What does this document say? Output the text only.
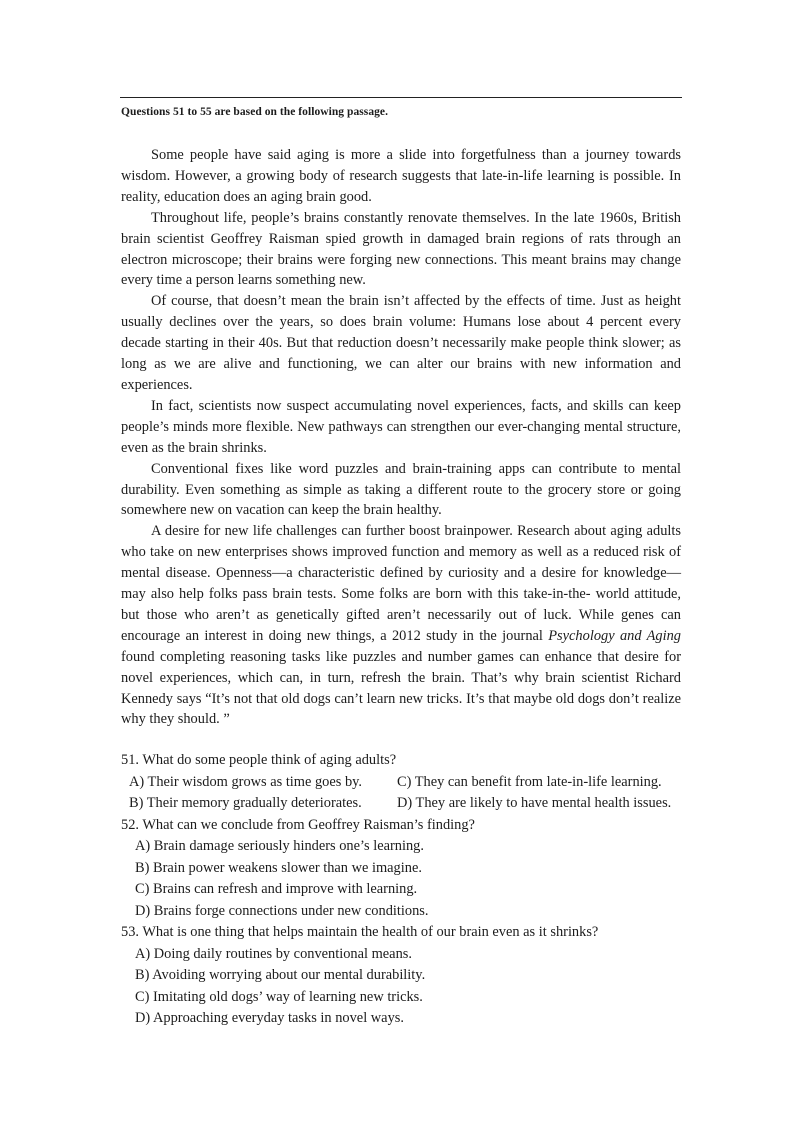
Questions 51 to 55 are based on the following passage.

Some people have said aging is more a slide into forgetfulness than a journey towards wisdom. However, a growing body of research suggests that late-in-life learning is possible. In reality, education does an aging brain good.

Throughout life, people’s brains constantly renovate themselves. In the late 1960s, British brain scientist Geoffrey Raisman spied growth in damaged brain regions of rats through an electron microscope; their brains were forging new connections. This meant brains may change every time a person learns something new.

Of course, that doesn’t mean the brain isn’t affected by the effects of time. Just as height usually declines over the years, so does brain volume: Humans lose about 4 percent every decade starting in their 40s. But that reduction doesn’t necessarily make people think slower; as long as we are alive and functioning, we can alter our brains with new information and experiences.

In fact, scientists now suspect accumulating novel experiences, facts, and skills can keep people’s minds more flexible. New pathways can strengthen our ever-changing mental structure, even as the brain shrinks.

Conventional fixes like word puzzles and brain-training apps can contribute to mental durability. Even something as simple as taking a different route to the grocery store or going somewhere new on vacation can keep the brain healthy.

A desire for new life challenges can further boost brainpower. Research about aging adults who take on new enterprises shows improved function and memory as well as a reduced risk of mental disease. Openness—a characteristic defined by curiosity and a desire for knowledge—may also help folks pass brain tests. Some folks are born with this take-in-the- world attitude, but those who aren’t as genetically gifted aren’t necessarily out of luck. While genes can encourage an interest in doing new things, a 2012 study in the journal Psychology and Aging found completing reasoning tasks like puzzles and number games can enhance that desire for novel experiences, which can, in turn, refresh the brain. That’s why brain scientist Richard Kennedy says “It’s not that old dogs can’t learn new tricks. It’s that maybe old dogs don’t realize why they should. ”

51. What do some people think of aging adults?

A) Their wisdom grows as time goes by.	C) They can benefit from late-in-life learning.
B) Their memory gradually deteriorates.	D) They are likely to have mental health issues.

52. What can we conclude from Geoffrey Raisman’s finding?

A) Brain damage seriously hinders one’s learning.

B) Brain power weakens slower than we imagine.

C) Brains can refresh and improve with learning.

D) Brains forge connections under new conditions.

53. What is one thing that helps maintain the health of our brain even as it shrinks?

A) Doing daily routines by conventional means.

B) Avoiding worrying about our mental durability.

C) Imitating old dogs’ way of learning new tricks.

D) Approaching everyday tasks in novel ways.
